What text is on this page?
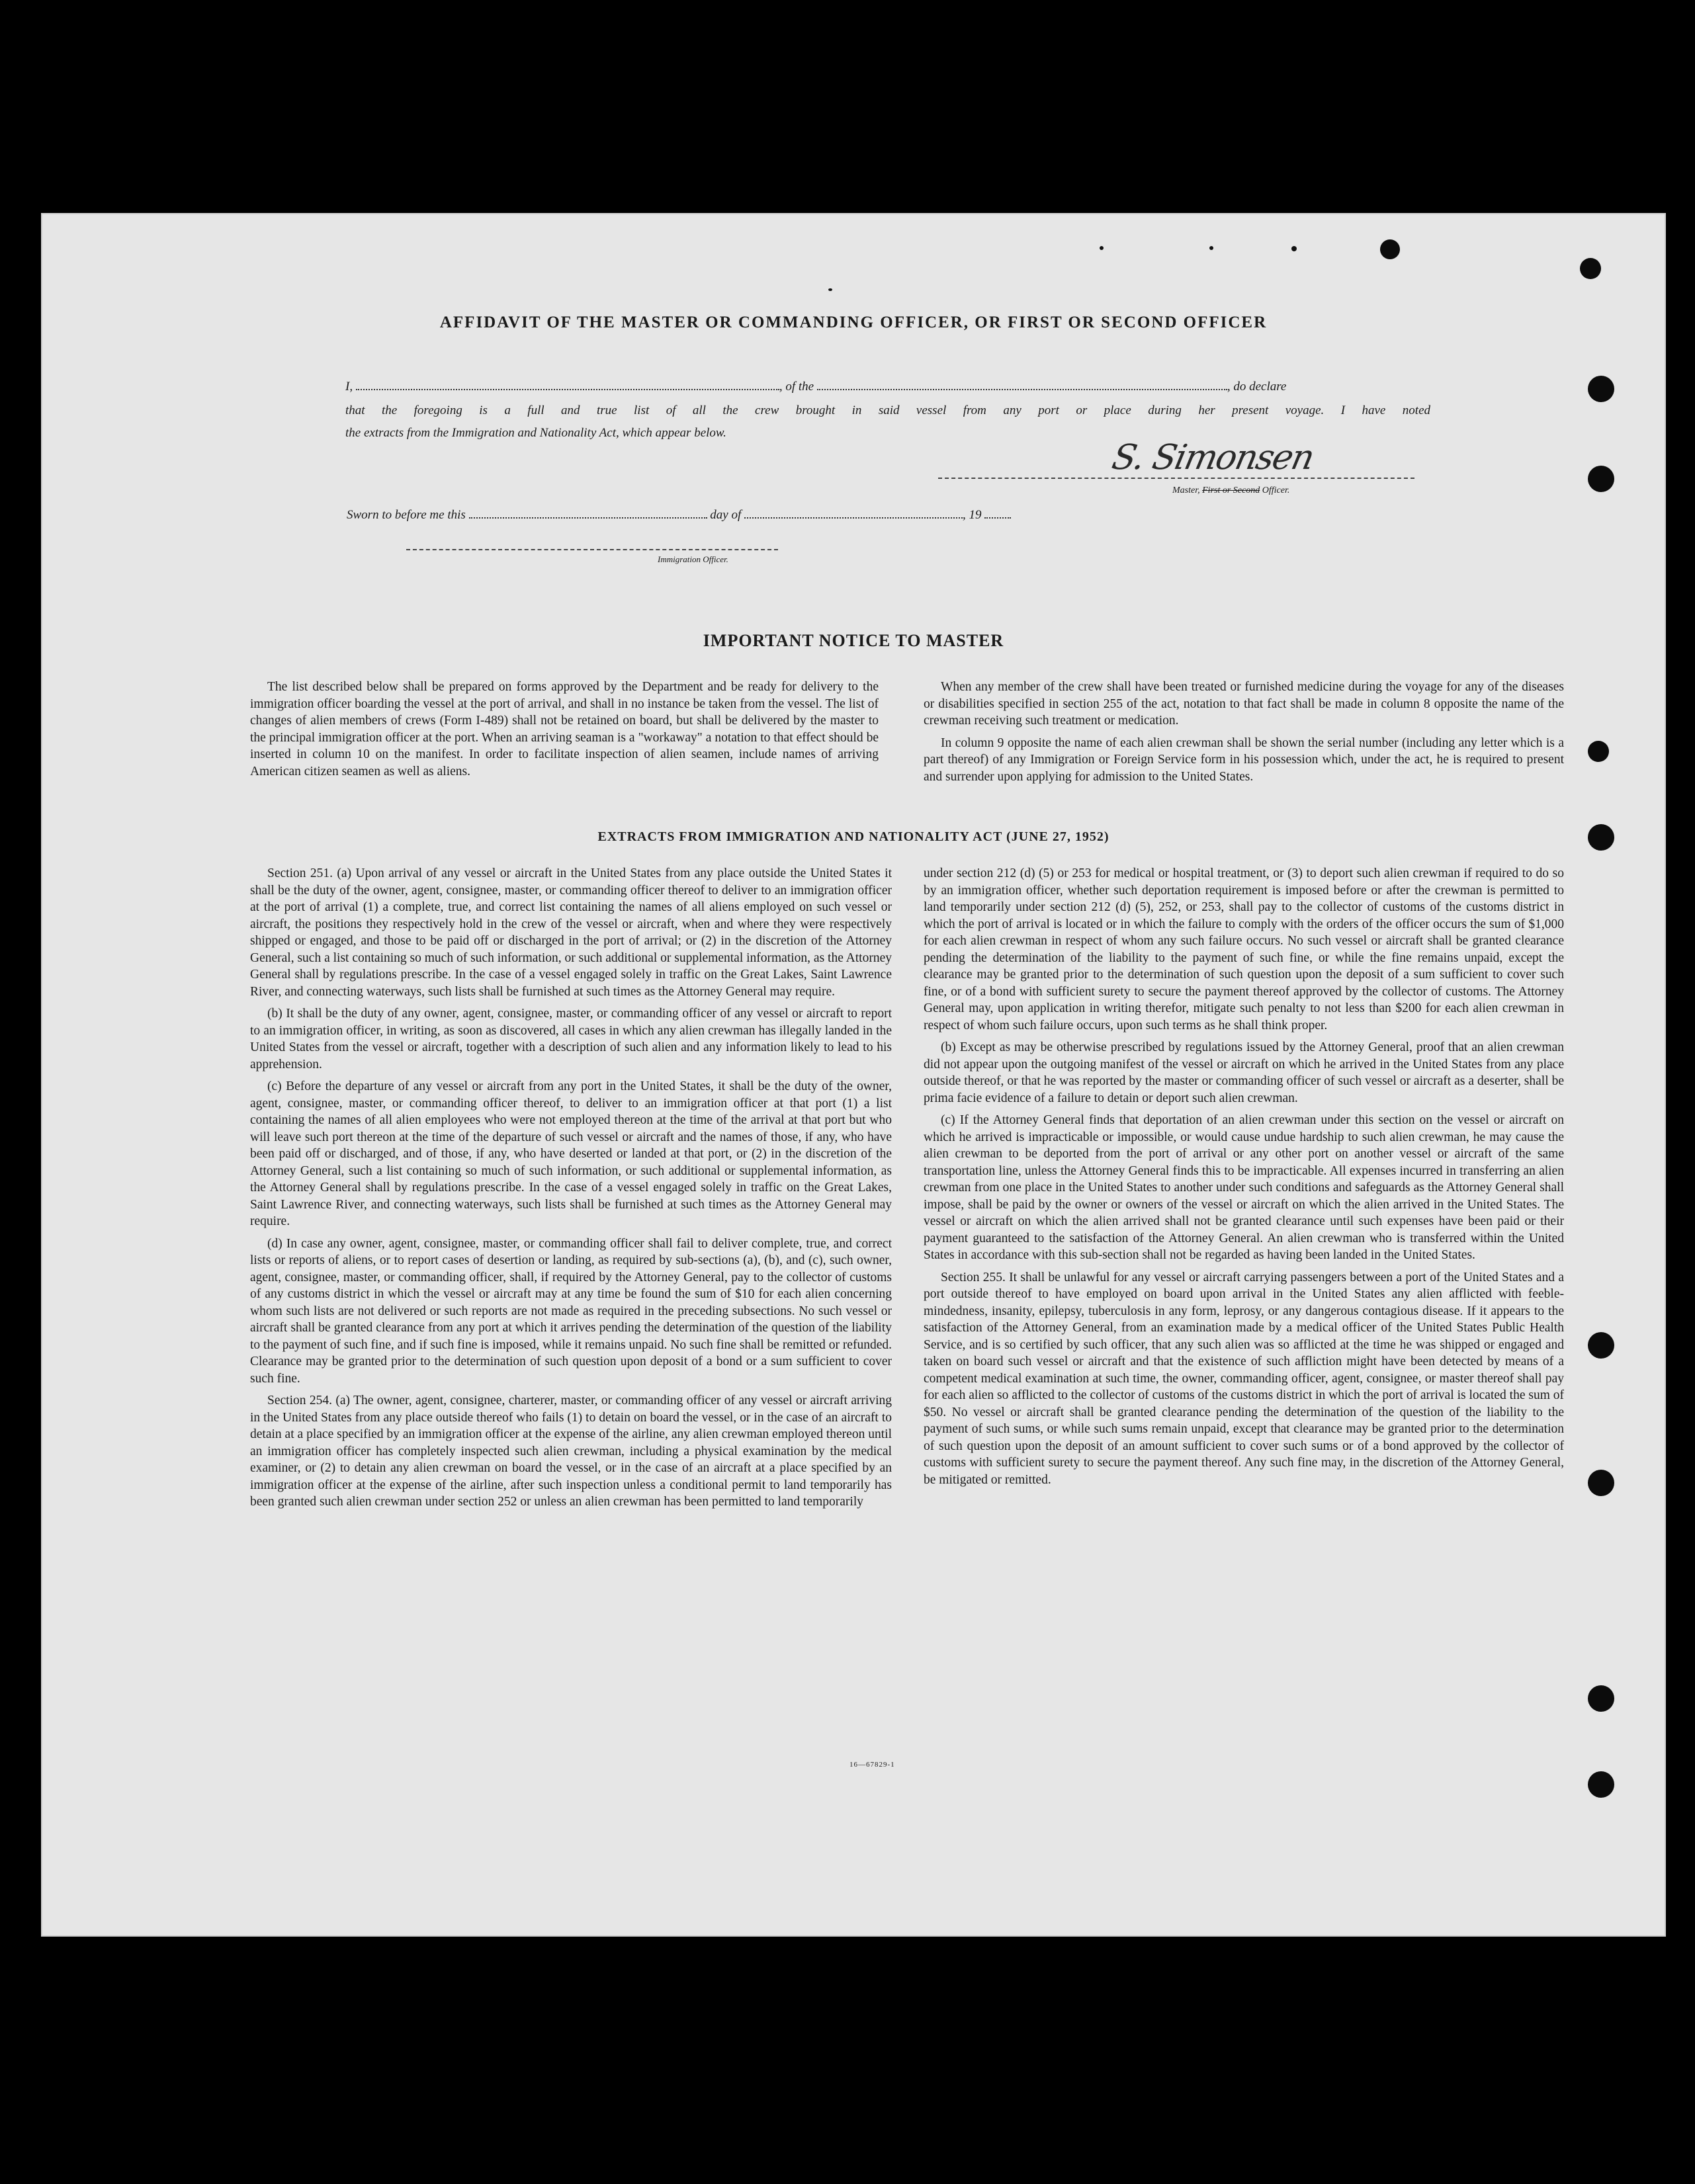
AFFIDAVIT OF THE MASTER OR COMMANDING OFFICER, OR FIRST OR SECOND OFFICER
I,	, of the	, do declare
that the foregoing is a full and true list of all the crew brought in said vessel from any port or place during her present voyage. I have noted
the extracts from the Immigration and Nationality Act, which appear below.
S. Simonsen
Master, First or Second Officer.
Sworn to before me this	day of	, 19
Immigration Officer.
IMPORTANT NOTICE TO MASTER

The list described below shall be prepared on forms approved by the Department and be ready for delivery to the immigration officer boarding the vessel at the port of arrival, and shall in no instance be taken from the vessel. The list of changes of alien members of crews (Form I-489) shall not be retained on board, but shall be delivered by the master to the principal immigration officer at the port. When an arriving seaman is a "workaway" a notation to that effect should be inserted in column 10 on the manifest. In order to facilitate inspection of alien seamen, include names of arriving American citizen seamen as well as aliens.

When any member of the crew shall have been treated or furnished medicine during the voyage for any of the diseases or disabilities specified in section 255 of the act, notation to that fact shall be made in column 8 opposite the name of the crewman receiving such treatment or medication.

In column 9 opposite the name of each alien crewman shall be shown the serial number (including any letter which is a part thereof) of any Immigration or Foreign Service form in his possession which, under the act, he is required to present and surrender upon applying for admission to the United States.

EXTRACTS FROM IMMIGRATION AND NATIONALITY ACT (JUNE 27, 1952)

Section 251. (a) Upon arrival of any vessel or aircraft in the United States from any place outside the United States it shall be the duty of the owner, agent, consignee, master, or commanding officer thereof to deliver to an immigration officer at the port of arrival (1) a complete, true, and correct list containing the names of all aliens employed on such vessel or aircraft, the positions they respectively hold in the crew of the vessel or aircraft, when and where they were respectively shipped or engaged, and those to be paid off or discharged in the port of arrival; or (2) in the discretion of the Attorney General, such a list containing so much of such information, or such additional or supplemental information, as the Attorney General shall by regulations prescribe. In the case of a vessel engaged solely in traffic on the Great Lakes, Saint Lawrence River, and connecting waterways, such lists shall be furnished at such times as the Attorney General may require.

(b) It shall be the duty of any owner, agent, consignee, master, or commanding officer of any vessel or aircraft to report to an immigration officer, in writing, as soon as discovered, all cases in which any alien crewman has illegally landed in the United States from the vessel or aircraft, together with a description of such alien and any information likely to lead to his apprehension.

(c) Before the departure of any vessel or aircraft from any port in the United States, it shall be the duty of the owner, agent, consignee, master, or commanding officer thereof, to deliver to an immigration officer at that port (1) a list containing the names of all alien employees who were not employed thereon at the time of the arrival at that port but who will leave such port thereon at the time of the departure of such vessel or aircraft and the names of those, if any, who have been paid off or discharged, and of those, if any, who have deserted or landed at that port, or (2) in the discretion of the Attorney General, such a list containing so much of such information, or such additional or supplemental information, as the Attorney General shall by regulations prescribe. In the case of a vessel engaged solely in traffic on the Great Lakes, Saint Lawrence River, and connecting waterways, such lists shall be furnished at such times as the Attorney General may require.

(d) In case any owner, agent, consignee, master, or commanding officer shall fail to deliver complete, true, and correct lists or reports of aliens, or to report cases of desertion or landing, as required by sub-sections (a), (b), and (c), such owner, agent, consignee, master, or commanding officer, shall, if required by the Attorney General, pay to the collector of customs of any customs district in which the vessel or aircraft may at any time be found the sum of $10 for each alien concerning whom such lists are not delivered or such reports are not made as required in the preceding subsections. No such vessel or aircraft shall be granted clearance from any port at which it arrives pending the determination of the question of the liability to the payment of such fine, and if such fine is imposed, while it remains unpaid. No such fine shall be remitted or refunded. Clearance may be granted prior to the determination of such question upon deposit of a bond or a sum sufficient to cover such fine.

Section 254. (a) The owner, agent, consignee, charterer, master, or commanding officer of any vessel or aircraft arriving in the United States from any place outside thereof who fails (1) to detain on board the vessel, or in the case of an aircraft to detain at a place specified by an immigration officer at the expense of the airline, any alien crewman employed thereon until an immigration officer has completely inspected such alien crewman, including a physical examination by the medical examiner, or (2) to detain any alien crewman on board the vessel, or in the case of an aircraft at a place specified by an immigration officer at the expense of the airline, after such inspection unless a conditional permit to land temporarily has been granted such alien crewman under section 252 or unless an alien crewman has been permitted to land temporarily

under section 212 (d) (5) or 253 for medical or hospital treatment, or (3) to deport such alien crewman if required to do so by an immigration officer, whether such deportation requirement is imposed before or after the crewman is permitted to land temporarily under section 212 (d) (5), 252, or 253, shall pay to the collector of customs of the customs district in which the port of arrival is located or in which the failure to comply with the orders of the officer occurs the sum of $1,000 for each alien crewman in respect of whom any such failure occurs. No such vessel or aircraft shall be granted clearance pending the determination of the liability to the payment of such fine, or while the fine remains unpaid, except the clearance may be granted prior to the determination of such question upon the deposit of a sum sufficient to cover such fine, or of a bond with sufficient surety to secure the payment thereof approved by the collector of customs. The Attorney General may, upon application in writing therefor, mitigate such penalty to not less than $200 for each alien crewman in respect of whom such failure occurs, upon such terms as he shall think proper.

(b) Except as may be otherwise prescribed by regulations issued by the Attorney General, proof that an alien crewman did not appear upon the outgoing manifest of the vessel or aircraft on which he arrived in the United States from any place outside thereof, or that he was reported by the master or commanding officer of such vessel or aircraft as a deserter, shall be prima facie evidence of a failure to detain or deport such alien crewman.

(c) If the Attorney General finds that deportation of an alien crewman under this section on the vessel or aircraft on which he arrived is impracticable or impossible, or would cause undue hardship to such alien crewman, he may cause the alien crewman to be deported from the port of arrival or any other port on another vessel or aircraft of the same transportation line, unless the Attorney General finds this to be impracticable. All expenses incurred in transferring an alien crewman from one place in the United States to another under such conditions and safeguards as the Attorney General shall impose, shall be paid by the owner or owners of the vessel or aircraft on which the alien arrived in the United States. The vessel or aircraft on which the alien arrived shall not be granted clearance until such expenses have been paid or their payment guaranteed to the satisfaction of the Attorney General. An alien crewman who is transferred within the United States in accordance with this sub-section shall not be regarded as having been landed in the United States.

Section 255. It shall be unlawful for any vessel or aircraft carrying passengers between a port of the United States and a port outside thereof to have employed on board upon arrival in the United States any alien afflicted with feeble-mindedness, insanity, epilepsy, tuberculosis in any form, leprosy, or any dangerous contagious disease. If it appears to the satisfaction of the Attorney General, from an examination made by a medical officer of the United States Public Health Service, and is so certified by such officer, that any such alien was so afflicted at the time he was shipped or engaged and taken on board such vessel or aircraft and that the existence of such affliction might have been detected by means of a competent medical examination at such time, the owner, commanding officer, agent, consignee, or master thereof shall pay for each alien so afflicted to the collector of customs of the customs district in which the port of arrival is located the sum of $50. No vessel or aircraft shall be granted clearance pending the determination of the question of the liability to the payment of such sums, or while such sums remain unpaid, except that clearance may be granted prior to the determination of such question upon the deposit of an amount sufficient to cover such sums or of a bond approved by the collector of customs with sufficient surety to secure the payment thereof. Any such fine may, in the discretion of the Attorney General, be mitigated or remitted.

16—67829-1
